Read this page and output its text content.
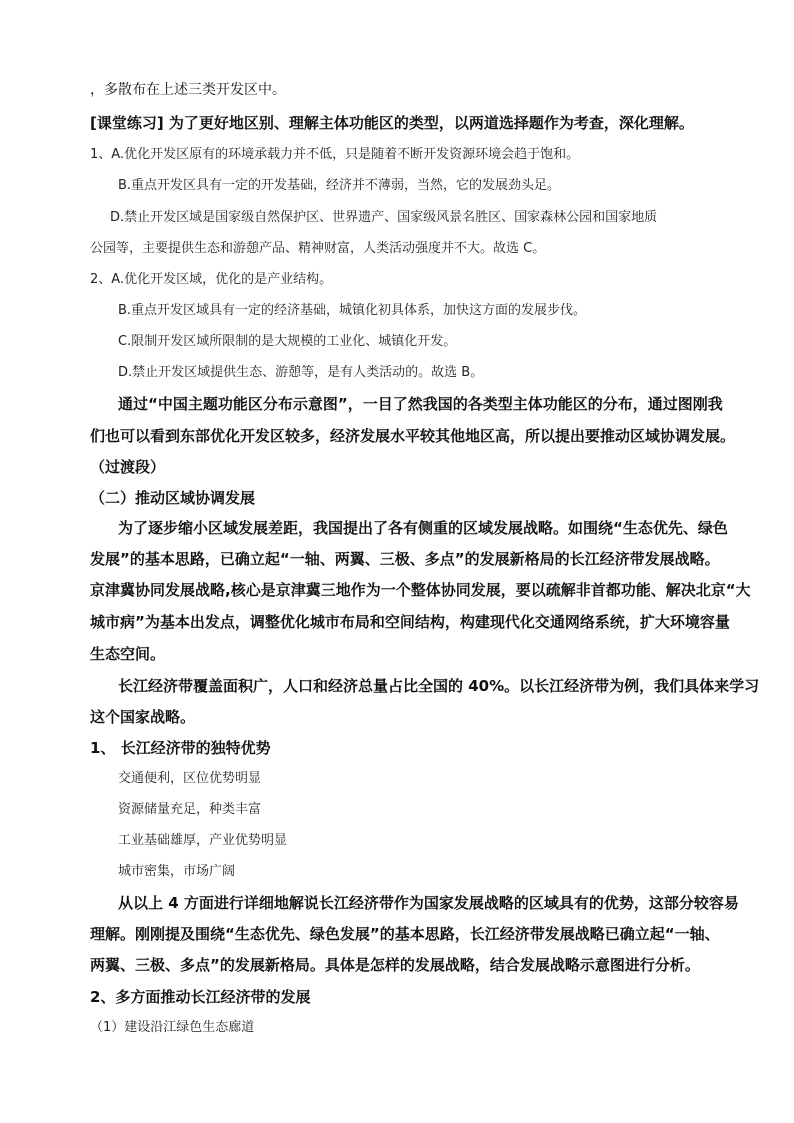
，多散布在上述三类开发区中。
[课堂练习] 为了更好地区别、理解主体功能区的类型，以两道选择题作为考查，深化理解。
1、A.优化开发区原有的环境承载力并不低，只是随着不断开发资源环境会趋于饱和。
B.重点开发区具有一定的开发基础，经济并不薄弱，当然，它的发展劲头足。
D.禁止开发区域是国家级自然保护区、世界遗产、国家级风景名胜区、国家森林公园和国家地质
公园等，主要提供生态和游憩产品、精神财富，人类活动强度并不大。故选 C。
2、A.优化开发区域，优化的是产业结构。
B.重点开发区域具有一定的经济基础，城镇化初具体系，加快这方面的发展步伐。
C.限制开发区域所限制的是大规模的工业化、城镇化开发。
D.禁止开发区域提供生态、游憩等，是有人类活动的。故选 B。
通过“中国主题功能区分布示意图”，一目了然我国的各类型主体功能区的分布，通过图刚我
们也可以看到东部优化开发区较多，经济发展水平较其他地区高，所以提出要推动区域协调发展。
（过渡段）
（二）推动区域协调发展
为了逐步缩小区域发展差距，我国提出了各有侧重的区域发展战略。如围绕“生态优先、绿色
发展”的基本思路，已确立起“一轴、两翼、三极、多点”的发展新格局的长江经济带发展战略。
京津冀协同发展战略,核心是京津冀三地作为一个整体协同发展，要以疏解非首都功能、解决北京“大
城市病”为基本出发点，调整优化城市布局和空间结构，构建现代化交通网络系统，扩大环境容量
生态空间。
长江经济带覆盖面积广，人口和经济总量占比全国的 40%。以长江经济带为例，我们具体来学习
这个国家战略。
1、 长江经济带的独特优势
交通便利，区位优势明显
资源储量充足，种类丰富
工业基础雄厚，产业优势明显
城市密集，市场广阔
从以上 4 方面进行详细地解说长江经济带作为国家发展战略的区域具有的优势，这部分较容易
理解。刚刚提及围绕“生态优先、绿色发展”的基本思路，长江经济带发展战略已确立起“一轴、
两翼、三极、多点”的发展新格局。具体是怎样的发展战略，结合发展战略示意图进行分析。
2、多方面推动长江经济带的发展
（1）建设沿江绿色生态廊道
